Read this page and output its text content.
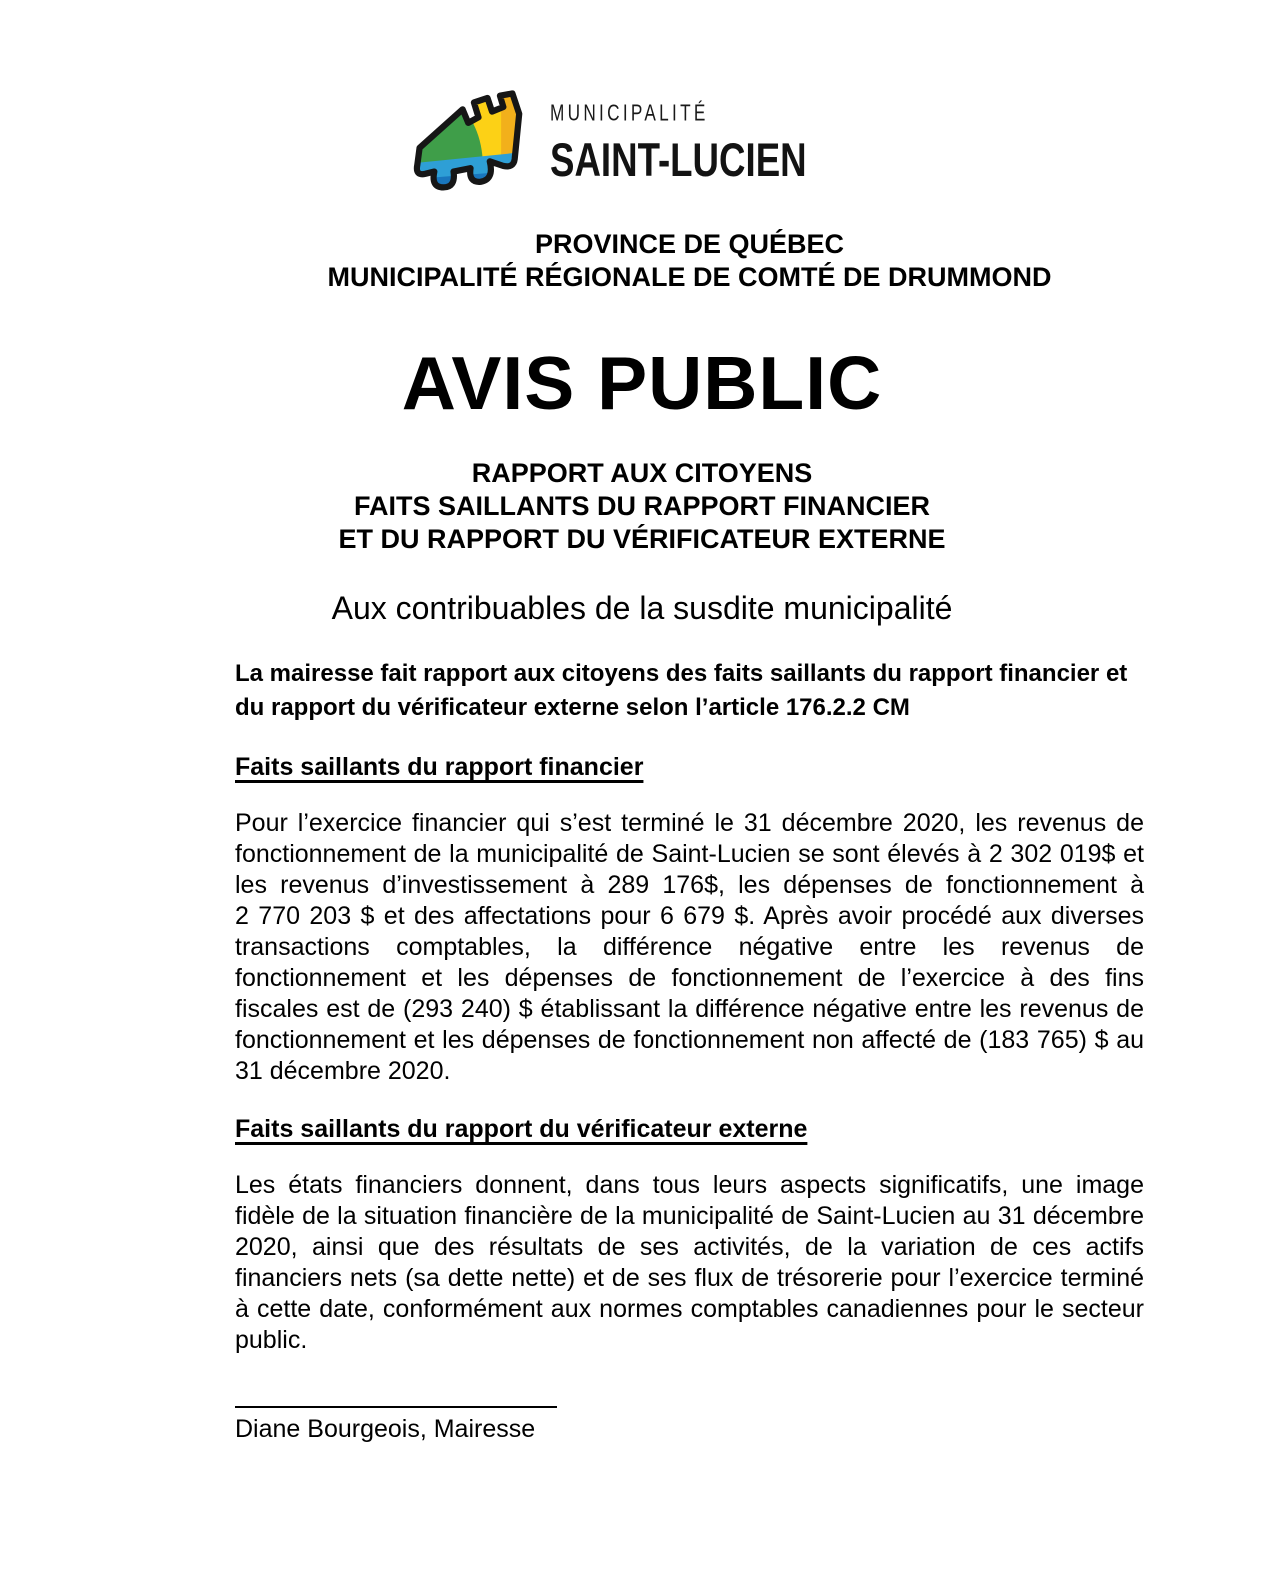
MUNICIPALITÉ
SAINT-LUCIEN
PROVINCE DE QUÉBEC
MUNICIPALITÉ RÉGIONALE DE COMTÉ DE DRUMMOND
AVIS PUBLIC
RAPPORT AUX CITOYENS
FAITS SAILLANTS DU RAPPORT FINANCIER
ET DU RAPPORT DU VÉRIFICATEUR EXTERNE
Aux contribuables de la susdite municipalité
La mairesse fait rapport aux citoyens des faits saillants du rapport financier et du rapport du vérificateur externe selon l’article 176.2.2 CM
Faits saillants du rapport financier
Pour l’exercice financier qui s’est terminé le 31 décembre 2020, les revenus de fonctionnement de la municipalité de Saint-Lucien se sont élevés à 2 302 019$ et les revenus d’investissement à 289 176$, les dépenses de fonctionnement à 2 770 203 $ et des affectations pour 6 679 $. Après avoir procédé aux diverses transactions comptables, la différence négative entre les revenus de fonctionnement et les dépenses de fonctionnement de l’exercice à des fins fiscales est de (293 240) $ établissant la différence négative entre les revenus de fonctionnement et les dépenses de fonctionnement non affecté de (183 765) $ au 31 décembre 2020.
Faits saillants du rapport du vérificateur externe
Les états financiers donnent, dans tous leurs aspects significatifs, une image fidèle de la situation financière de la municipalité de Saint-Lucien au 31 décembre 2020, ainsi que des résultats de ses activités, de la variation de ces actifs financiers nets (sa dette nette) et de ses flux de trésorerie pour l’exercice terminé à cette date, conformément aux normes comptables canadiennes pour le secteur public.
Diane Bourgeois, Mairesse
